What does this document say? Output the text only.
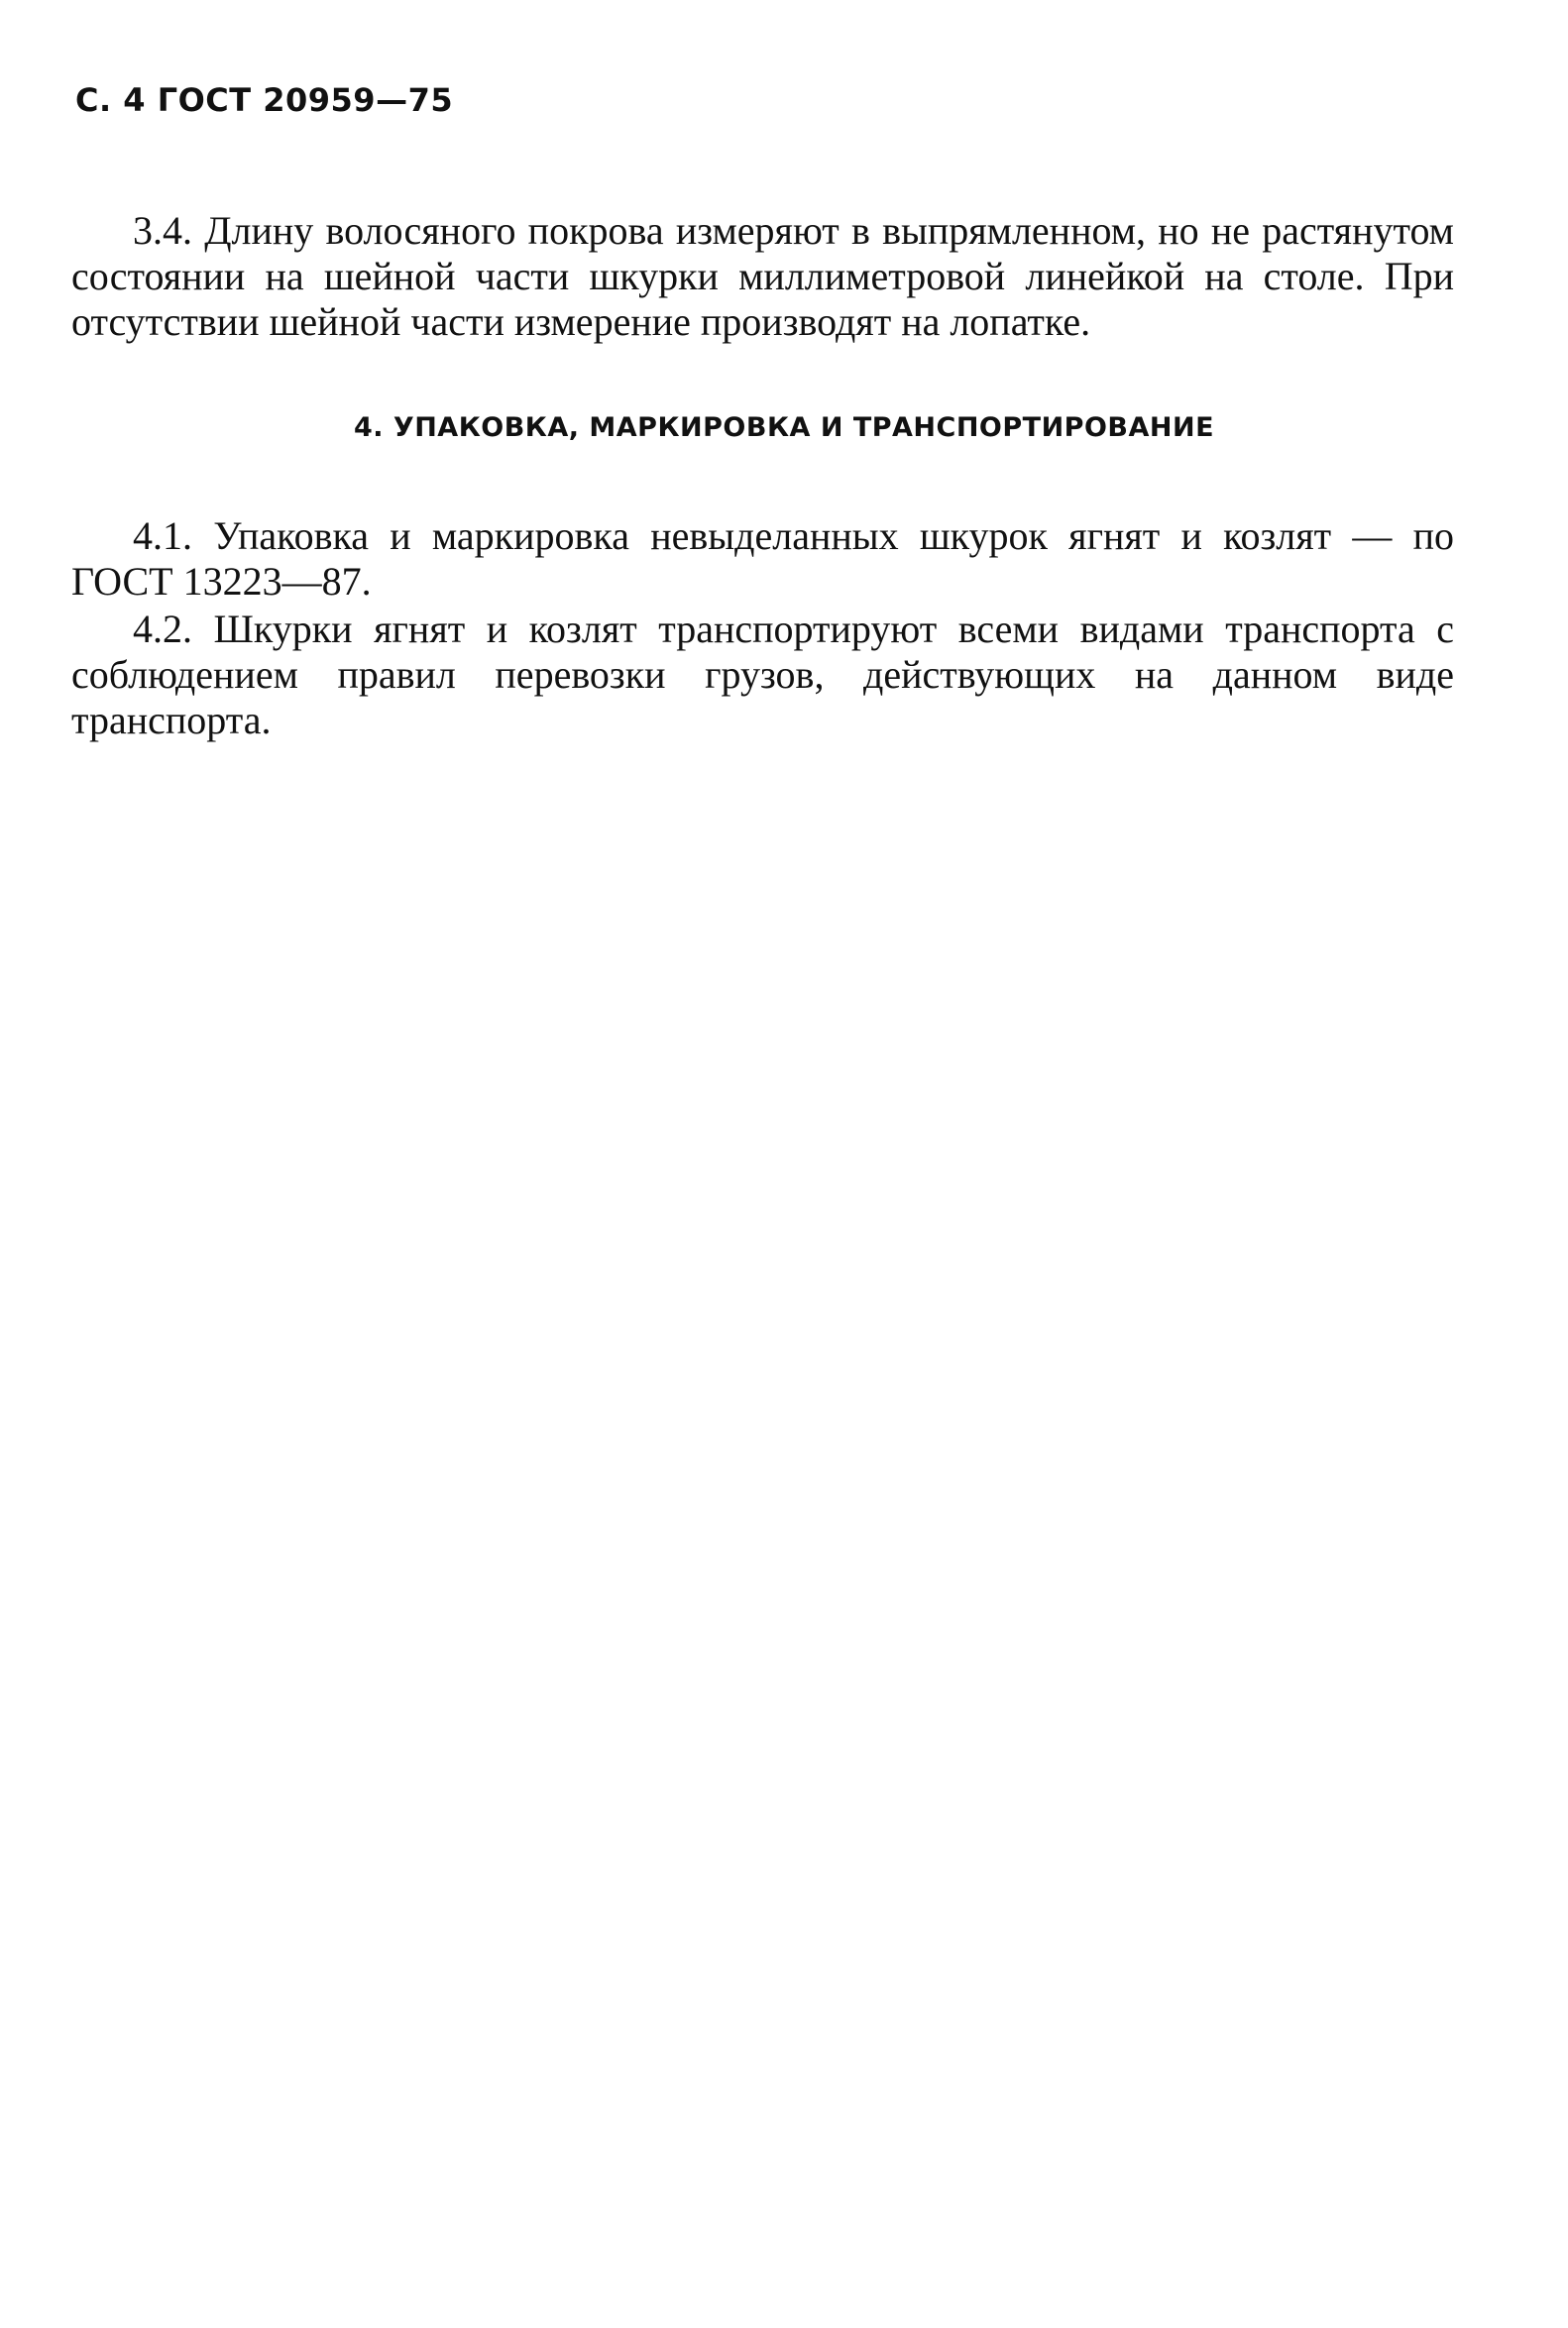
С. 4 ГОСТ 20959—75

3.4. Длину волосяного покрова измеряют в выпрямленном, но не растянутом состоянии на шейной части шкурки миллиметровой линейкой на столе. При отсутствии шейной части измерение производят на лопатке.

4. УПАКОВКА, МАРКИРОВКА И ТРАНСПОРТИРОВАНИЕ

4.1. Упаковка и маркировка невыделанных шкурок ягнят и козлят — по ГОСТ 13223—87.

4.2. Шкурки ягнят и козлят транспортируют всеми видами транспорта с соблюдением правил перевозки грузов, действующих на данном виде транспорта.
